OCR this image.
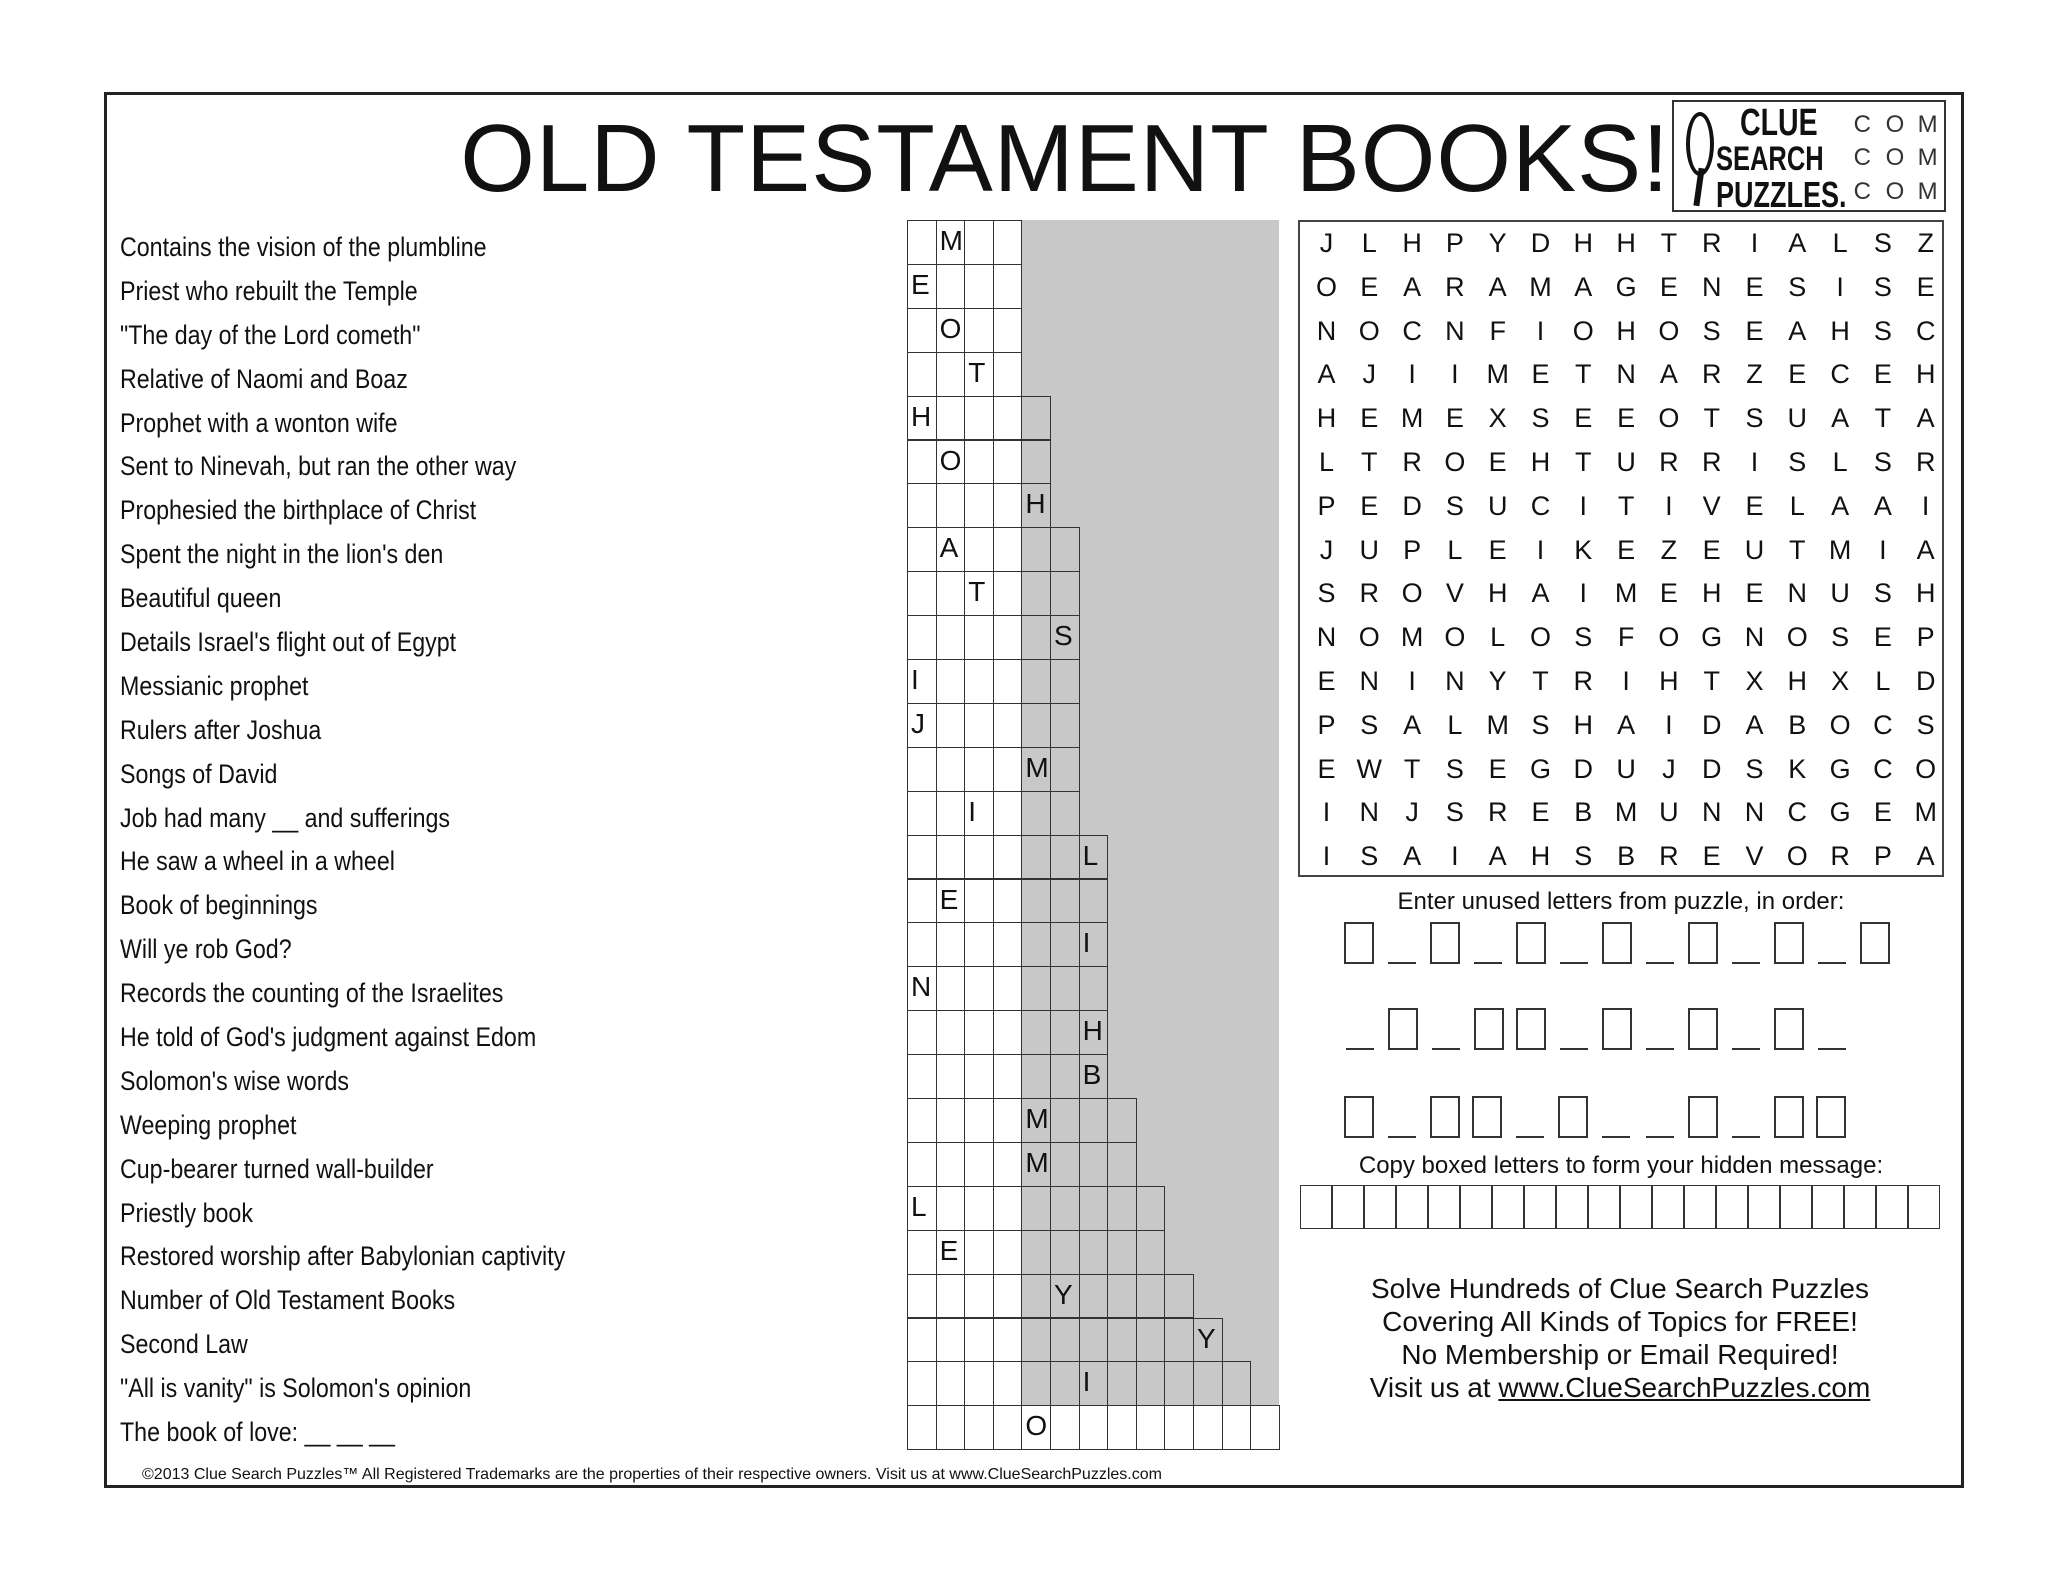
OLD TESTAMENT BOOKS!	CLUE
SEARCH
PUZZLES.
C O M
C O M
C O M
Contains the vision of the plumbline
Priest who rebuilt the Temple
"The day of the Lord cometh"
Relative of Naomi and Boaz
Prophet with a wonton wife
Sent to Ninevah, but ran the other way
Prophesied the birthplace of Christ
Spent the night in the lion's den
Beautiful queen
Details Israel's flight out of Egypt
Messianic prophet
Rulers after Joshua
Songs of David
Job had many __ and sufferings
He saw a wheel in a wheel
Book of beginnings
Will ye rob God?
Records the counting of the Israelites
He told of God's judgment against Edom
Solomon's wise words
Weeping prophet
Cup-bearer turned wall-builder
Priestly book
Restored worship after Babylonian captivity
Number of Old Testament Books
Second Law
"All is vanity" is Solomon's opinion
The book of love: __ __ __
M
E
O
T
H
O
H
A
T
S
I
J
M
I
L
E
I
N
H
B
M
M
L
E
Y
Y
I
O
J	L H P Y D H H T R	I	A L S Z
O E A R A M A G E N E S	I	S E
N O C N F	I	O H O S E A H S C
A	J	I	I	M E T N A R Z E C E H
H E M E X S E E O T S U A T A
L	T R O E H T U R R	I	S L S R
P E D S U C	I	T	I	V E L A A	I
J U P L E	I	K E Z E U T M	I	A
S R O V H A	I	M E H E N U S H
N O M O L O S F O G N O S E P
E N	I	N Y T R	I	H T X H X L D
P S A L M S H A	I	D A B O C S
E W T S E G D U J D S K G C O
I	N J	S R E B M U N N C G E M
I	S A	I	A H S B R E V O R P A
Enter unused letters from puzzle, in order:
Copy boxed letters to form your hidden message:
Solve Hundreds of Clue Search Puzzles
Covering All Kinds of Topics for FREE!
No Membership or Email Required!
Visit us at www.ClueSearchPuzzles.com
©2013 Clue Search Puzzles™ All Registered Trademarks are the properties of their respective owners. Visit us at www.ClueSearchPuzzles.com
